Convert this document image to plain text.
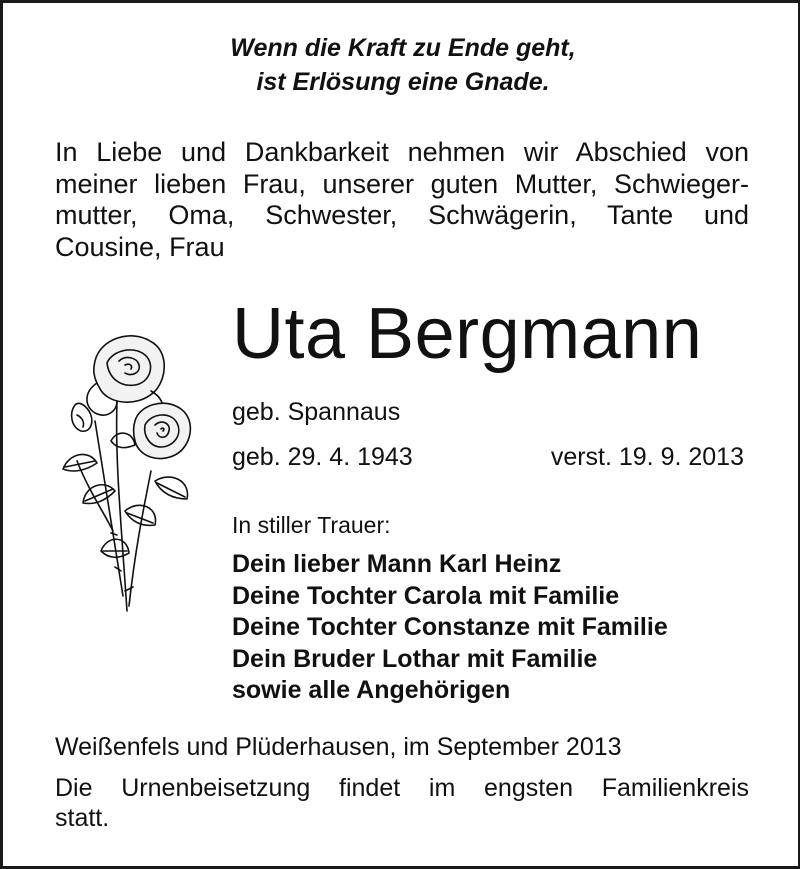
Wenn die Kraft zu Ende geht,
ist Erlösung eine Gnade.
In Liebe und Dankbarkeit nehmen wir Abschied von
meiner lieben Frau, unserer guten Mutter, Schwieger-
mutter, Oma, Schwester, Schwägerin, Tante und
Cousine, Frau
Uta Bergmann
geb. Spannaus
geb. 29. 4. 1943	verst. 19. 9. 2013
In stiller Trauer:
Dein lieber Mann Karl Heinz
Deine Tochter Carola mit Familie
Deine Tochter Constanze mit Familie
Dein Bruder Lothar mit Familie
sowie alle Angehörigen
Weißenfels und Plüderhausen, im September 2013
Die Urnenbeisetzung findet im engsten Familienkreis
statt.
